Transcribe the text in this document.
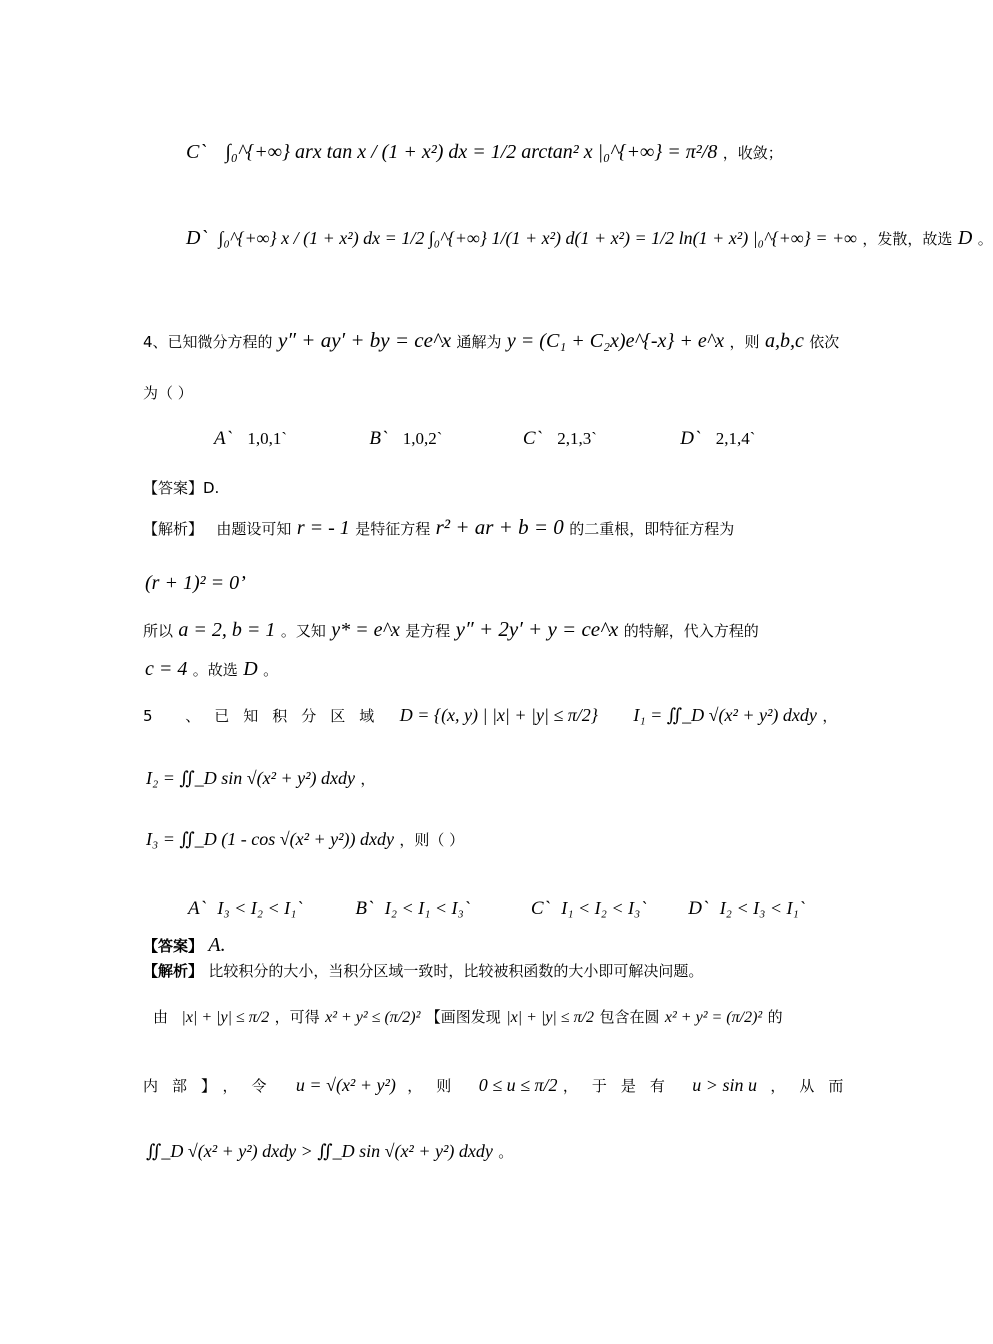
C` ∫₀^{+∞} arx tan x / (1 + x²) dx = 1/2 arctan² x |₀^{+∞} = π²/8 ，收敛；
D` ∫₀^{+∞} x / (1 + x²) dx = 1/2 ∫₀^{+∞} 1/(1 + x²) d(1 + x²) = 1/2 ln(1 + x²) |₀^{+∞} = +∞ ，发散，故选 D 。
4、已知微分方程的 y″ + ay′ + by = ce^x 通解为 y = (C₁ + C₂x)e^{-x} + e^x ，则 a,b,c 依次
为（ ）
A` 1,0,1`	B` 1,0,2`	C` 2,1,3`	D` 2,1,4`
【答案】D.
【解析】 由题设可知 r = - 1 是特征方程 r² + ar + b = 0 的二重根，即特征方程为
(r + 1)² = 0’
所以 a = 2, b = 1 。又知 y* = e^x 是方程 y″ + 2y′ + y = ce^x 的特解，代入方程的
c = 4 。故选 D 。
5 、已知积分区域 D = {(x, y) | |x| + |y| ≤ π/2} I₁ = ∬_D √(x² + y²) dxdy ，
I₂ = ∬_D sin √(x² + y²) dxdy ，
I₃ = ∬_D (1 - cos √(x² + y²)) dxdy ，则（ ）
A` I₃ < I₂ < I₁`	B` I₂ < I₁ < I₃`	C` I₁ < I₂ < I₃` D` I₂ < I₃ < I₁`
【答案】 A.
【解析】 比较积分的大小，当积分区域一致时，比较被积函数的大小即可解决问题。
由 |x| + |y| ≤ π/2 ，可得 x² + y² ≤ (π/2)² 【画图发现 |x| + |y| ≤ π/2 包含在圆 x² + y² = (π/2)² 的
内部】，令 u = √(x² + y²) ，则 0 ≤ u ≤ π/2 ，于是有 u > sin u ，从而
∬_D √(x² + y²) dxdy > ∬_D sin √(x² + y²) dxdy 。
